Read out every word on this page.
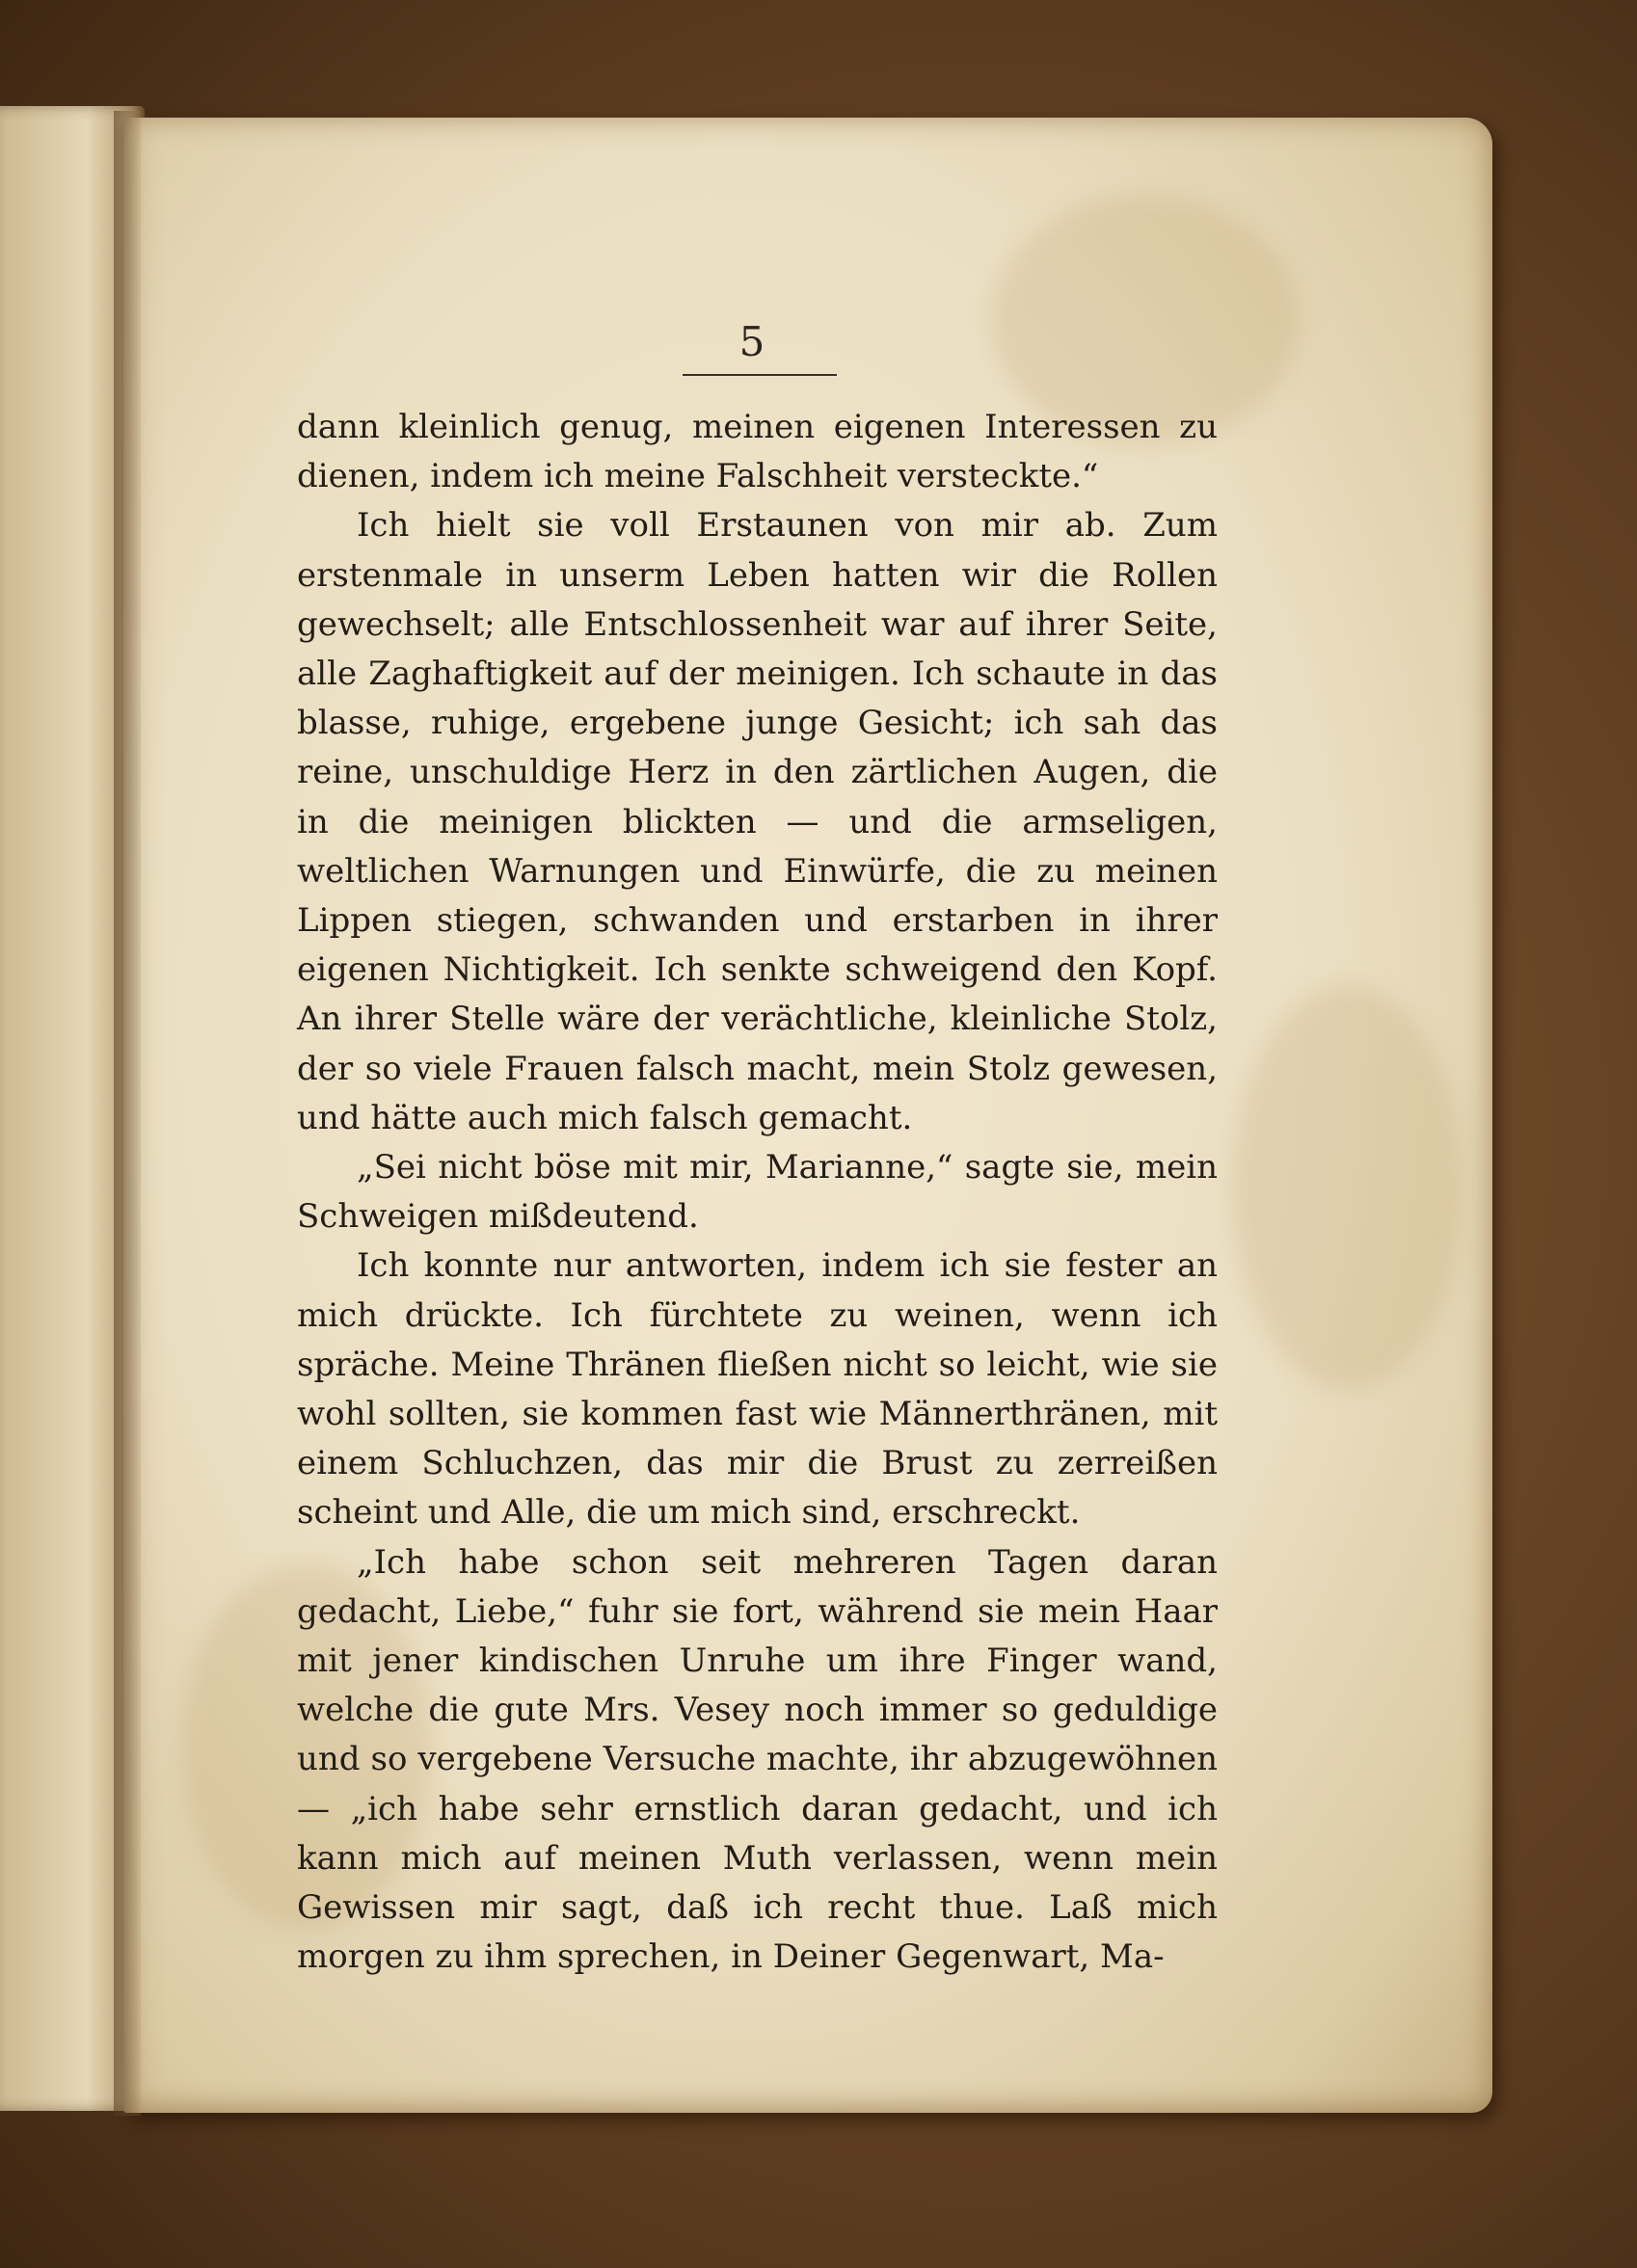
5

dann kleinlich genug, meinen eigenen Interessen zu dienen, indem ich meine Falschheit versteckte.“

Ich hielt sie voll Erstaunen von mir ab. Zum erstenmale in unserm Leben hatten wir die Rollen gewechselt; alle Entschlossenheit war auf ihrer Seite, alle Zaghaftigkeit auf der meinigen. Ich schaute in das blasse, ruhige, ergebene junge Gesicht; ich sah das reine, unschuldige Herz in den zärtlichen Augen, die in die meinigen blickten — und die armseligen, weltlichen Warnungen und Einwürfe, die zu meinen Lippen stiegen, schwanden und erstarben in ihrer eigenen Nichtigkeit. Ich senkte schweigend den Kopf. An ihrer Stelle wäre der verächtliche, kleinliche Stolz, der so viele Frauen falsch macht, mein Stolz gewesen, und hätte auch mich falsch gemacht.

„Sei nicht böse mit mir, Marianne,“ sagte sie, mein Schweigen mißdeutend.

Ich konnte nur antworten, indem ich sie fester an mich drückte. Ich fürchtete zu weinen, wenn ich spräche. Meine Thränen fließen nicht so leicht, wie sie wohl sollten, sie kommen fast wie Männerthränen, mit einem Schluchzen, das mir die Brust zu zerreißen scheint und Alle, die um mich sind, erschreckt.

„Ich habe schon seit mehreren Tagen daran gedacht, Liebe,“ fuhr sie fort, während sie mein Haar mit jener kindischen Unruhe um ihre Finger wand, welche die gute Mrs. Vesey noch immer so geduldige und so vergebene Versuche machte, ihr abzugewöhnen — „ich habe sehr ernstlich daran gedacht, und ich kann mich auf meinen Muth verlassen, wenn mein Gewissen mir sagt, daß ich recht thue. Laß mich morgen zu ihm sprechen, in Deiner Gegenwart, Ma-
